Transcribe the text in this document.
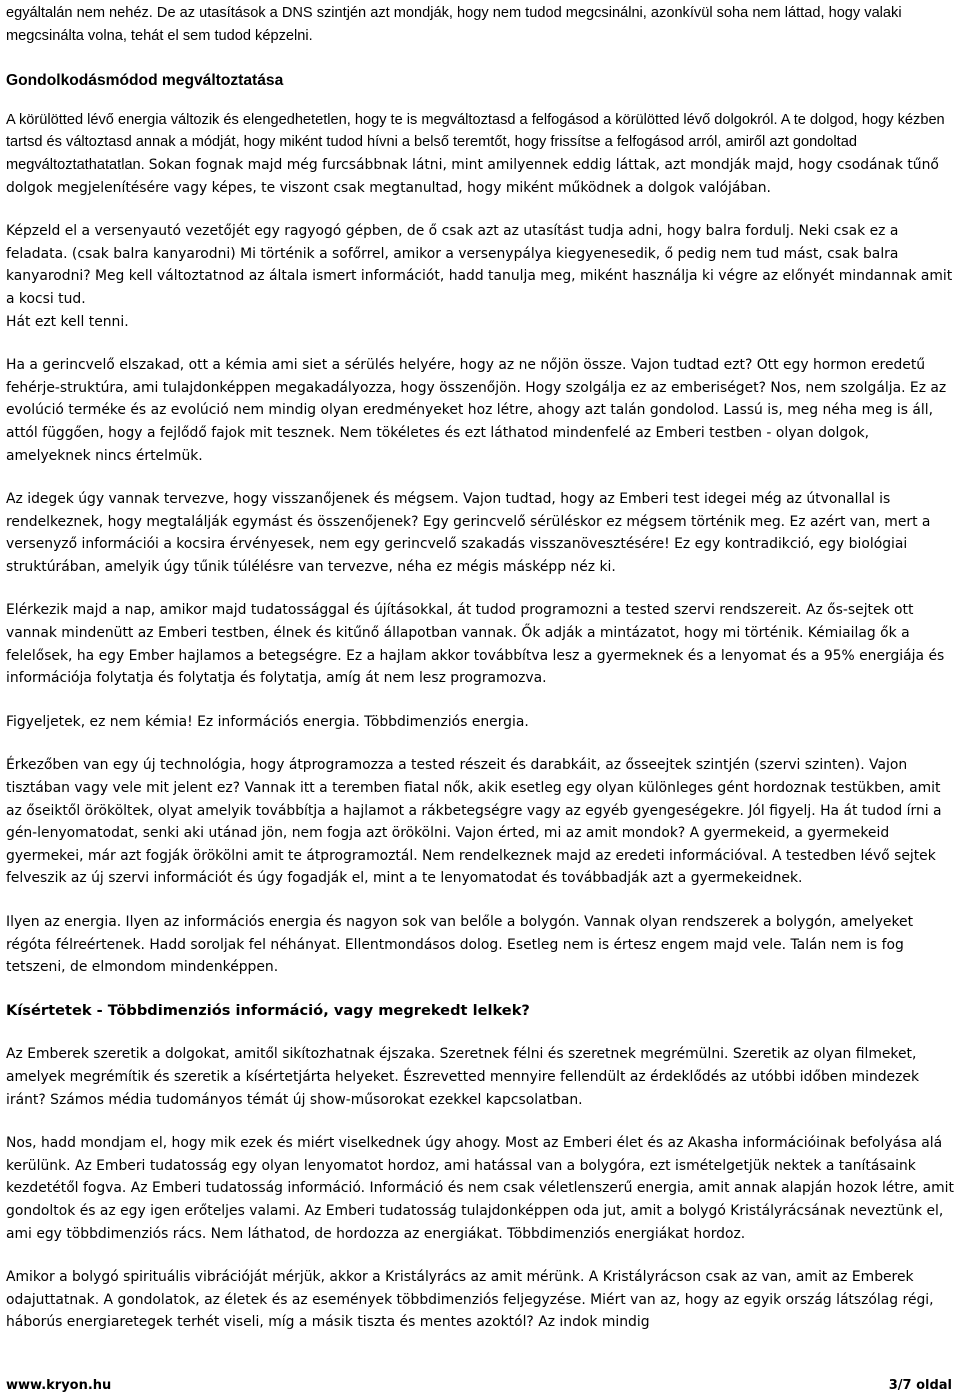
egyáltalán nem nehéz. De az utasítások a DNS szintjén azt mondják, hogy nem tudod megcsinálni, azonkívül soha nem láttad, hogy valaki megcsinálta volna, tehát el sem tudod képzelni.

Gondolkodásmódod megváltoztatása

A körülötted lévő energia változik és elengedhetetlen, hogy te is megváltoztasd a felfogásod a körülötted lévő dolgokról. A te dolgod, hogy kézben tartsd és változtasd annak a módját, hogy miként tudod hívni a belső teremtőt, hogy frissítse a felfogásod arról, amiről azt gondoltad megváltoztathatatlan. Sokan fognak majd még furcsábbnak látni, mint amilyennek eddig láttak, azt mondják majd, hogy csodának tűnő dolgok megjelenítésére vagy képes, te viszont csak megtanultad, hogy miként működnek a dolgok valójában.

Képzeld el a versenyautó vezetőjét egy ragyogó gépben, de ő csak azt az utasítást tudja adni, hogy balra fordulj. Neki csak ez a feladata. (csak balra kanyarodni) Mi történik a sofőrrel, amikor a versenypálya kiegyenesedik, ő pedig nem tud mást, csak balra kanyarodni? Meg kell változtatnod az általa ismert információt, hadd tanulja meg, miként használja ki végre az előnyét mindannak amit a kocsi tud.
Hát ezt kell tenni.

Ha a gerincvelő elszakad, ott a kémia ami siet a sérülés helyére, hogy az ne nőjön össze. Vajon tudtad ezt? Ott egy hormon eredetű fehérje-struktúra, ami tulajdonképpen megakadályozza, hogy összenőjön. Hogy szolgálja ez az emberiséget? Nos, nem szolgálja. Ez az evolúció terméke és az evolúció nem mindig olyan eredményeket hoz létre, ahogy azt talán gondolod. Lassú is, meg néha meg is áll, attól függően, hogy a fejlődő fajok mit tesznek. Nem tökéletes és ezt láthatod mindenfelé az Emberi testben - olyan dolgok, amelyeknek nincs értelmük.

Az idegek úgy vannak tervezve, hogy visszanőjenek és mégsem. Vajon tudtad, hogy az Emberi test idegei még az útvonallal is rendelkeznek, hogy megtalálják egymást és összenőjenek? Egy gerincvelő sérüléskor ez mégsem történik meg. Ez azért van, mert a versenyző információi a kocsira érvényesek, nem egy gerincvelő szakadás visszanövesztésére! Ez egy kontradikció, egy biológiai struktúrában, amelyik úgy tűnik túlélésre van tervezve, néha ez mégis másképp néz ki.

Elérkezik majd a nap, amikor majd tudatossággal és újításokkal, át tudod programozni a tested szervi rendszereit. Az ős-sejtek ott vannak mindenütt az Emberi testben, élnek és kitűnő állapotban vannak. Ők adják a mintázatot, hogy mi történik. Kémiailag ők a felelősek, ha egy Ember hajlamos a betegségre. Ez a hajlam akkor továbbítva lesz a gyermeknek és a lenyomat és a 95% energiája és információja folytatja és folytatja és folytatja, amíg át nem lesz programozva.

Figyeljetek, ez nem kémia! Ez információs energia. Többdimenziós energia.

Érkezőben van egy új technológia, hogy átprogramozza a tested részeit és darabkáit, az ősseejtek szintjén (szervi szinten). Vajon tisztában vagy vele mit jelent ez? Vannak itt a teremben fiatal nők, akik esetleg egy olyan különleges gént hordoznak testükben, amit az őseiktől örököltek, olyat amelyik továbbítja a hajlamot a rákbetegségre vagy az egyéb gyengeségekre. Jól figyelj. Ha át tudod írni a gén-lenyomatodat, senki aki utánad jön, nem fogja azt örökölni. Vajon érted, mi az amit mondok? A gyermekeid, a gyermekeid gyermekei, már azt fogják örökölni amit te átprogramoztál. Nem rendelkeznek majd az eredeti információval. A testedben lévő sejtek felveszik az új szervi információt és úgy fogadják el, mint a te lenyomatodat és továbbadják azt a gyermekeidnek.

Ilyen az energia. Ilyen az információs energia és nagyon sok van belőle a bolygón. Vannak olyan rendszerek a bolygón, amelyeket régóta félreértenek. Hadd soroljak fel néhányat. Ellentmondásos dolog. Esetleg nem is értesz engem majd vele. Talán nem is fog tetszeni, de elmondom mindenképpen.

Kísértetek - Többdimenziós információ, vagy megrekedt lelkek?

Az Emberek szeretik a dolgokat, amitől sikítozhatnak éjszaka. Szeretnek félni és szeretnek megrémülni. Szeretik az olyan filmeket, amelyek megrémítik és szeretik a kísértetjárta helyeket. Észrevetted mennyire fellendült az érdeklődés az utóbbi időben mindezek iránt? Számos média tudományos témát új show-műsorokat ezekkel kapcsolatban.

Nos, hadd mondjam el, hogy mik ezek és miért viselkednek úgy ahogy. Most az Emberi élet és az Akasha információinak befolyása alá kerülünk. Az Emberi tudatosság egy olyan lenyomatot hordoz, ami hatással van a bolygóra, ezt ismételgetjük nektek a tanításaink kezdetétől fogva. Az Emberi tudatosság információ. Információ és nem csak véletlenszerű energia, amit annak alapján hozok létre, amit gondoltok és az egy igen erőteljes valami. Az Emberi tudatosság tulajdonképpen oda jut, amit a bolygó Kristályrácsának neveztünk el, ami egy többdimenziós rács. Nem láthatod, de hordozza az energiákat. Többdimenziós energiákat hordoz.

Amikor a bolygó spirituális vibrációját mérjük, akkor a Kristályrács az amit mérünk. A Kristályrácson csak az van, amit az Emberek odajuttatnak. A gondolatok, az életek és az események többdimenziós feljegyzése. Miért van az, hogy az egyik ország látszólag régi, háborús energiaretegek terhét viseli, míg a másik tiszta és mentes azoktól? Az indok mindig

www.kryon.hu	3/7 oldal
